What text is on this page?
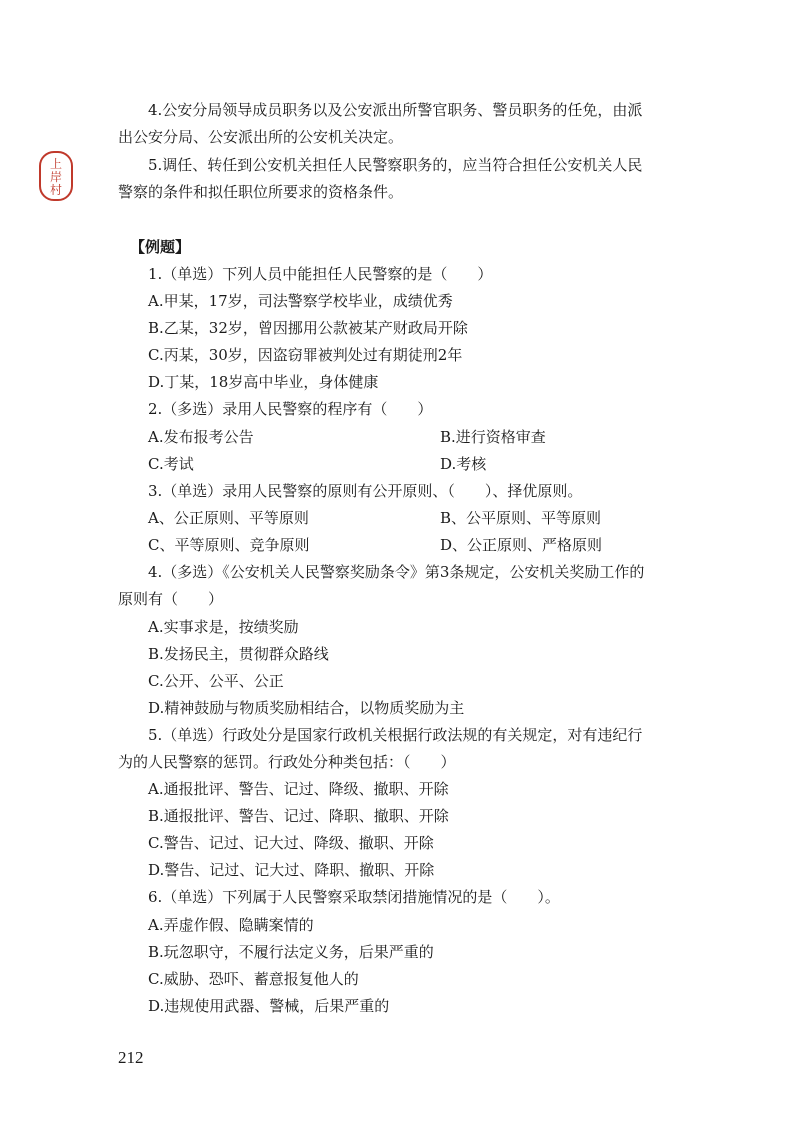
上
岸
村
4.公安分局领导成员职务以及公安派出所警官职务、警员职务的任免，由派
出公安分局、公安派出所的公安机关决定。
5.调任、转任到公安机关担任人民警察职务的，应当符合担任公安机关人民
警察的条件和拟任职位所要求的资格条件。
【例题】
1.（单选）下列人员中能担任人民警察的是（　　）
A.甲某，17岁，司法警察学校毕业，成绩优秀
B.乙某，32岁，曾因挪用公款被某产财政局开除
C.丙某，30岁，因盗窃罪被判处过有期徒刑2年
D.丁某，18岁高中毕业，身体健康
2.（多选）录用人民警察的程序有（　　）
A.发布报考公告	B.进行资格审查
C.考试	D.考核
3.（单选）录用人民警察的原则有公开原则、（　　）、择优原则。
A、公正原则、平等原则	B、公平原则、平等原则
C、平等原则、竞争原则	D、公正原则、严格原则
4.（多选）《公安机关人民警察奖励条令》第3条规定，公安机关奖励工作的
原则有（　　）
A.实事求是，按绩奖励
B.发扬民主，贯彻群众路线
C.公开、公平、公正
D.精神鼓励与物质奖励相结合，以物质奖励为主
5.（单选）行政处分是国家行政机关根据行政法规的有关规定，对有违纪行
为的人民警察的惩罚。行政处分种类包括：（　　）
A.通报批评、警告、记过、降级、撤职、开除
B.通报批评、警告、记过、降职、撤职、开除
C.警告、记过、记大过、降级、撤职、开除
D.警告、记过、记大过、降职、撤职、开除
6.（单选）下列属于人民警察采取禁闭措施情况的是（　　）。
A.弄虚作假、隐瞒案情的
B.玩忽职守，不履行法定义务，后果严重的
C.威胁、恐吓、蓄意报复他人的
D.违规使用武器、警械，后果严重的
212
